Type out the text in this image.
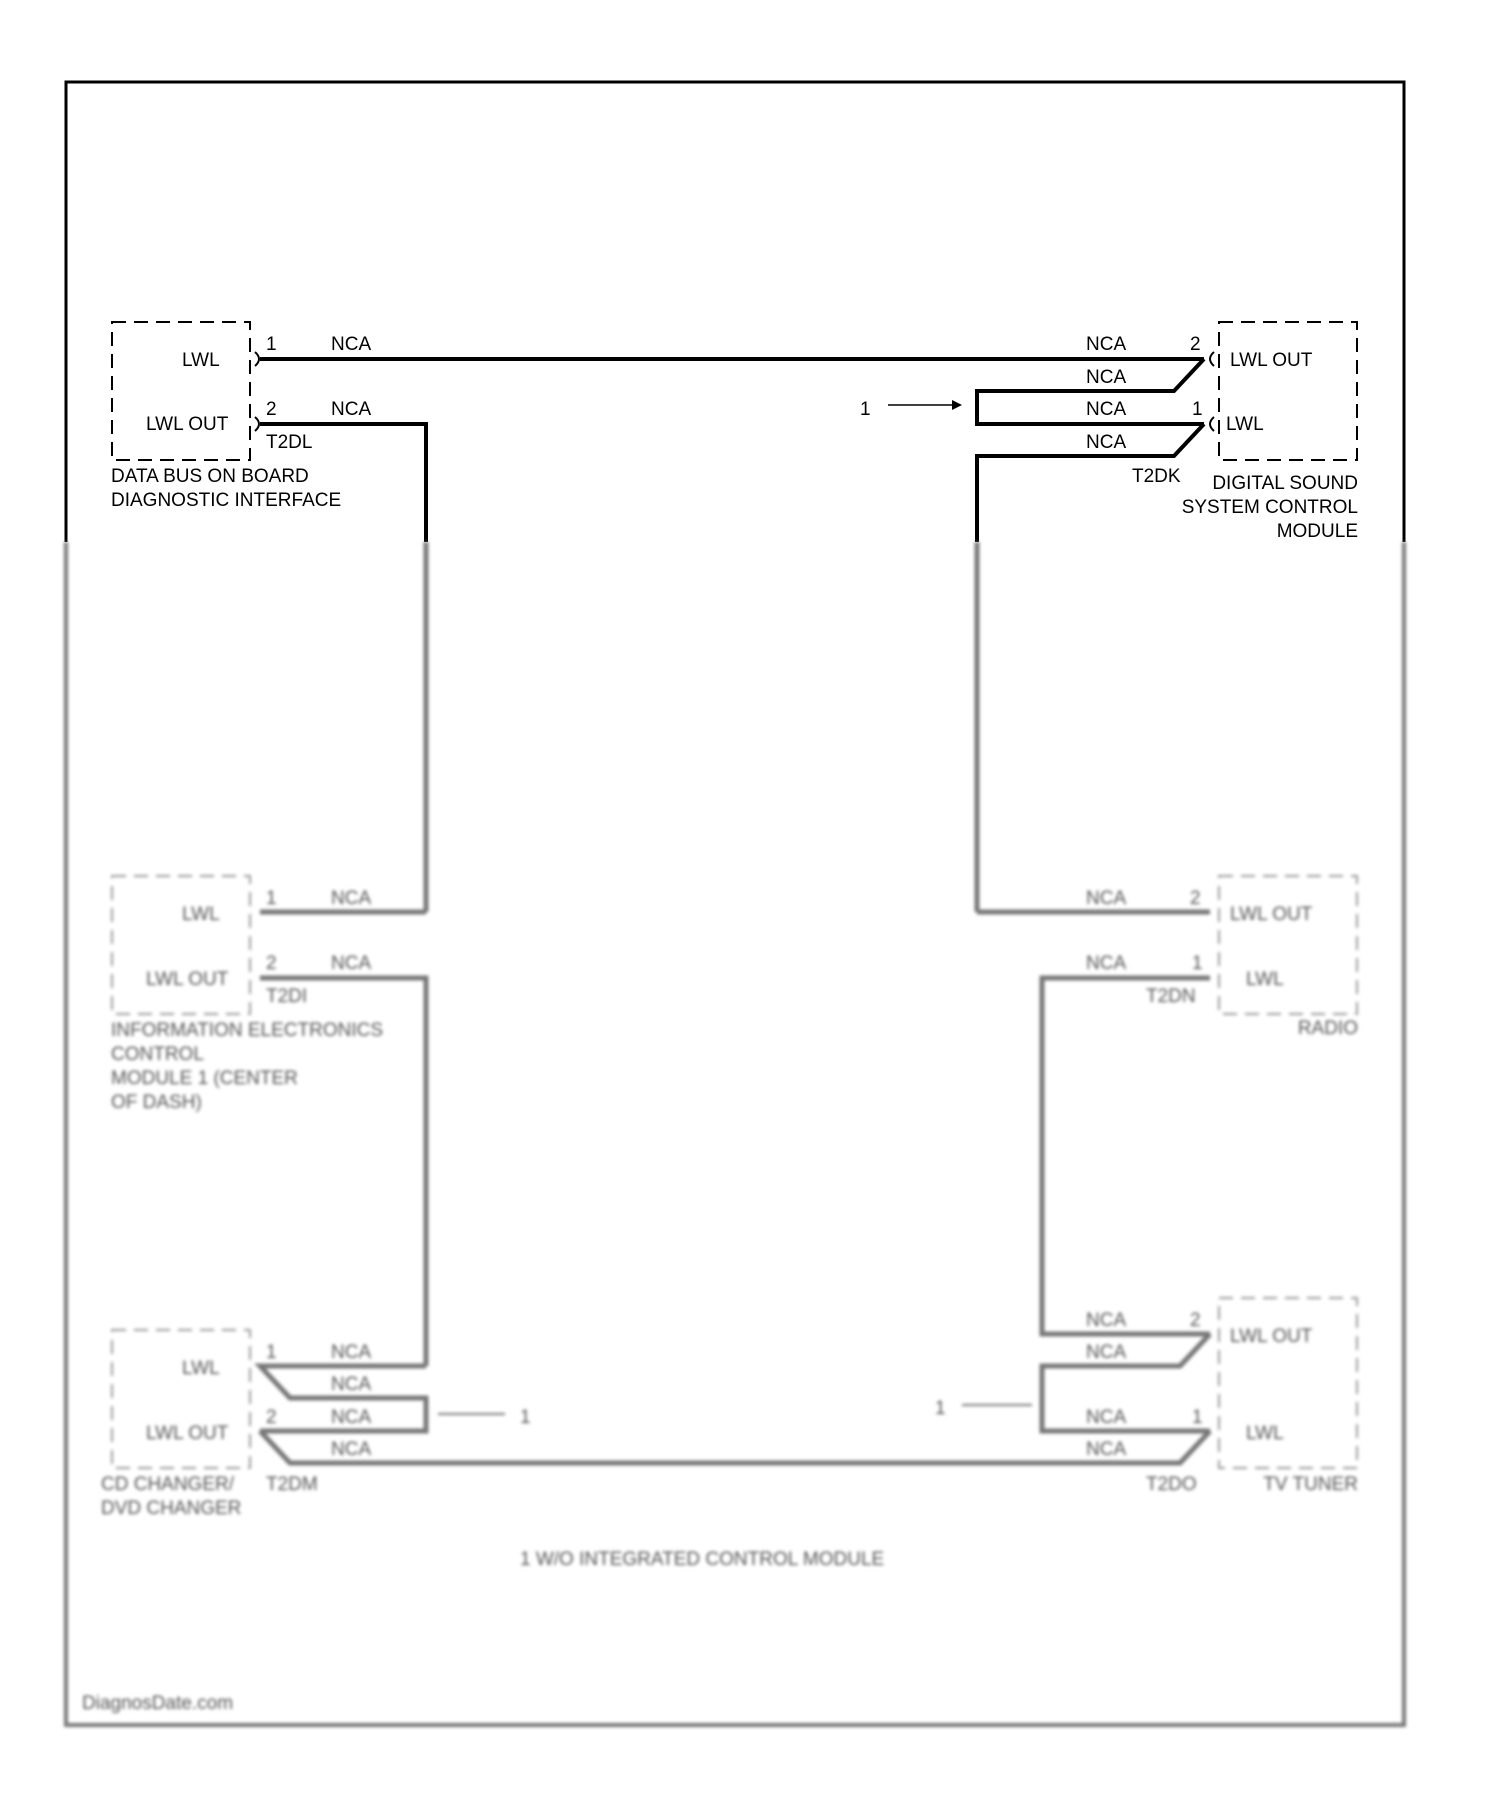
LWL
LWL OUT
1
2
NCA
NCA
T2DL
DATA BUS ON BOARD
DIAGNOSTIC INTERFACE
2
1
LWL OUT
LWL
NCA
NCA
NCA
NCA
1
T2DK DIGITAL SOUND
SYSTEM CONTROL
MODULE
LWL
LWL OUT
1
2
NCA
NCA
T2DI
INFORMATION ELECTRONICS
CONTROL
MODULE 1 (CENTER
OF DASH)
LWL OUT
LWL
2
1
NCA
NCA
T2DN
RADIO
LWL
LWL OUT
1
2
NCA
NCA
NCA
NCA
1
T2DM
CD CHANGER/
DVD CHANGER
LWL OUT
LWL
2
1
NCA
NCA
NCA
NCA
1
T2DO	TV TUNER
1 W/O INTEGRATED CONTROL MODULE
DiagnosDate.com
